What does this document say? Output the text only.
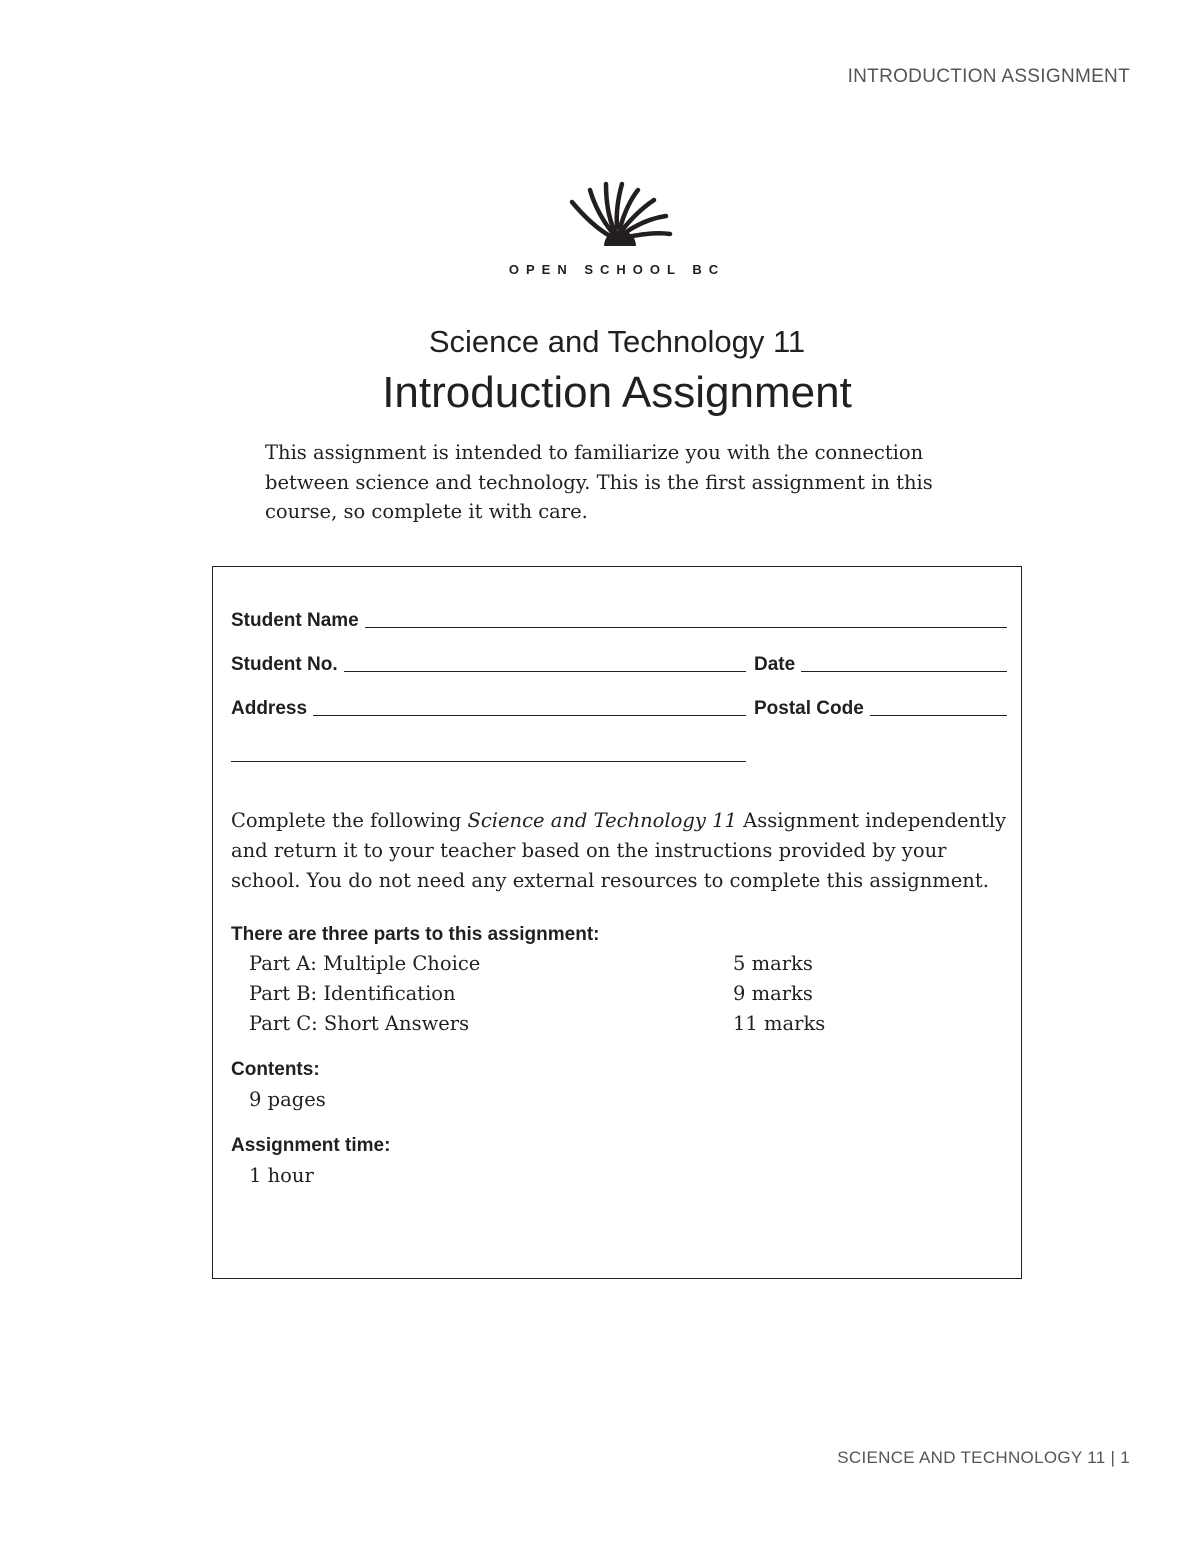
INTRODUCTION ASSIGNMENT
OPEN SCHOOL BC
Science and Technology 11
Introduction Assignment
This assignment is intended to familiarize you with the connection between science and technology. This is the first assignment in this course, so complete it with care.
Student Name
Student No.	Date
Address	Postal Code
Complete the following Science and Technology 11 Assignment independently and return it to your teacher based on the instructions provided by your school. You do not need any external resources to complete this assignment.
There are three parts to this assignment:
Part A: Multiple Choice	5 marks
Part B: Identification	9 marks
Part C: Short Answers	11 marks
Contents:
9 pages
Assignment time:
1 hour
SCIENCE AND TECHNOLOGY 11 | 1
